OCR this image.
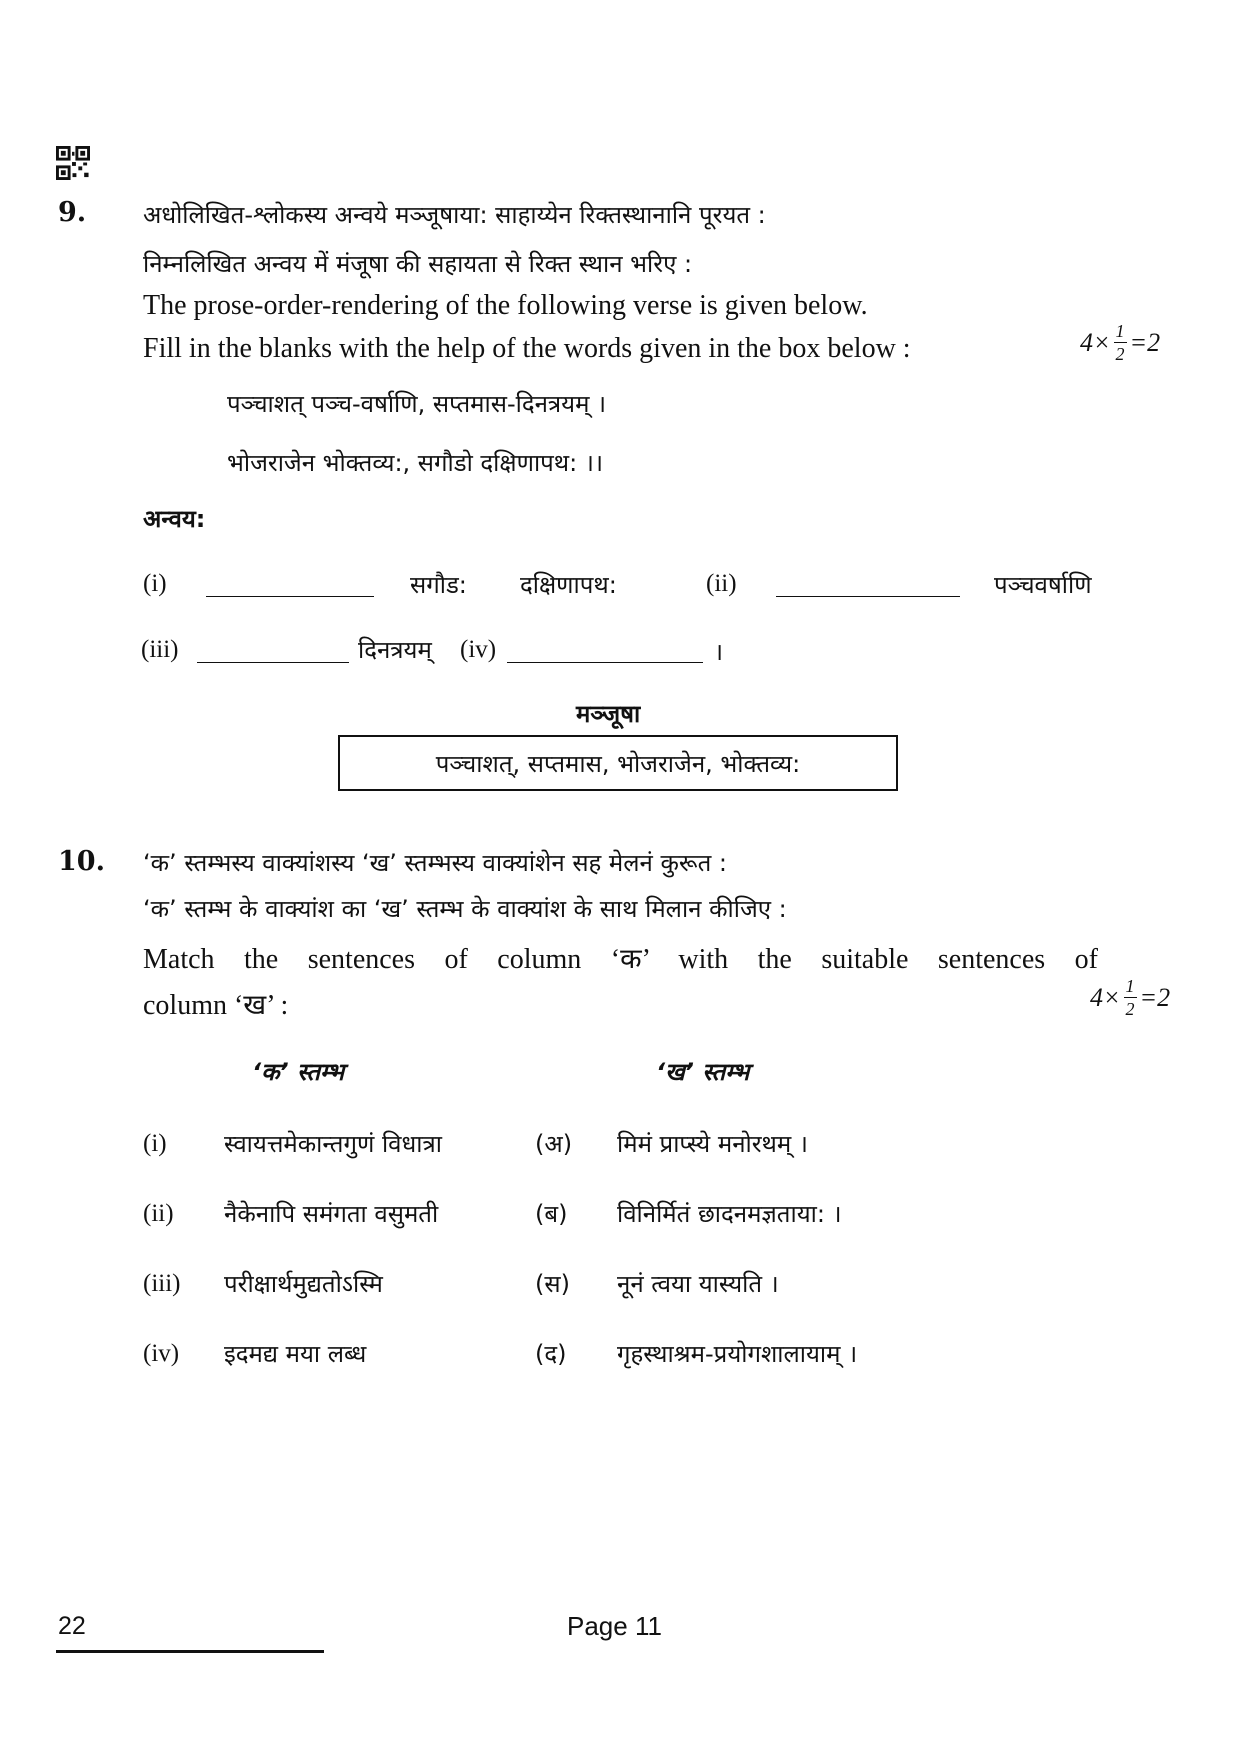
9. अधोलिखित-श्लोकस्य अन्वये मञ्जूषाया: साहाय्येन रिक्तस्थानानि पूरयत :
निम्नलिखित अन्वय में मंजूषा की सहायता से रिक्त स्थान भरिए :
The prose-order-rendering of the following verse is given below.
Fill in the blanks with the help of the words given in the box below :	$4\times \frac{1}{2} =2$
पञ्चाशत् पञ्च-वर्षाणि, सप्तमास-दिनत्रयम् ।
भोजराजेन भोक्तव्य:, सगौडो दक्षिणापथ: ।।
अन्वय:
(i)	सगौड: दक्षिणापथ:	(ii)	पञ्चवर्षाणि
(iii)	दिनत्रयम् (iv)	।
मञ्जूषा
पञ्चाशत्, सप्तमास, भोजराजेन, भोक्तव्य:
10. ‘क’ स्तम्भस्य वाक्यांशस्य ‘ख’ स्तम्भस्य वाक्यांशेन सह मेलनं कुरूत :
‘क’ स्तम्भ के वाक्यांश का ‘ख’ स्तम्भ के वाक्यांश के साथ मिलान कीजिए :
Match the sentences of column ‘क’ with the suitable sentences of
column ‘ख’ :	$4\times \frac{1}{2} =2$
‘क’ स्तम्भ	‘ख’ स्तम्भ
(i) स्वायत्तमेकान्तगुणं विधात्रा	(अ) मिमं प्राप्स्ये मनोरथम् ।
(ii) नैकेनापि समंगता वसुमती	(ब) विनिर्मितं छादनमज्ञताया: ।
(iii) परीक्षार्थमुद्यतोऽस्मि	(स) नूनं त्वया यास्यति ।
(iv) इदमद्य मया लब्ध	(द) गृहस्थाश्रम-प्रयोगशालायाम् ।
22	Page 11
